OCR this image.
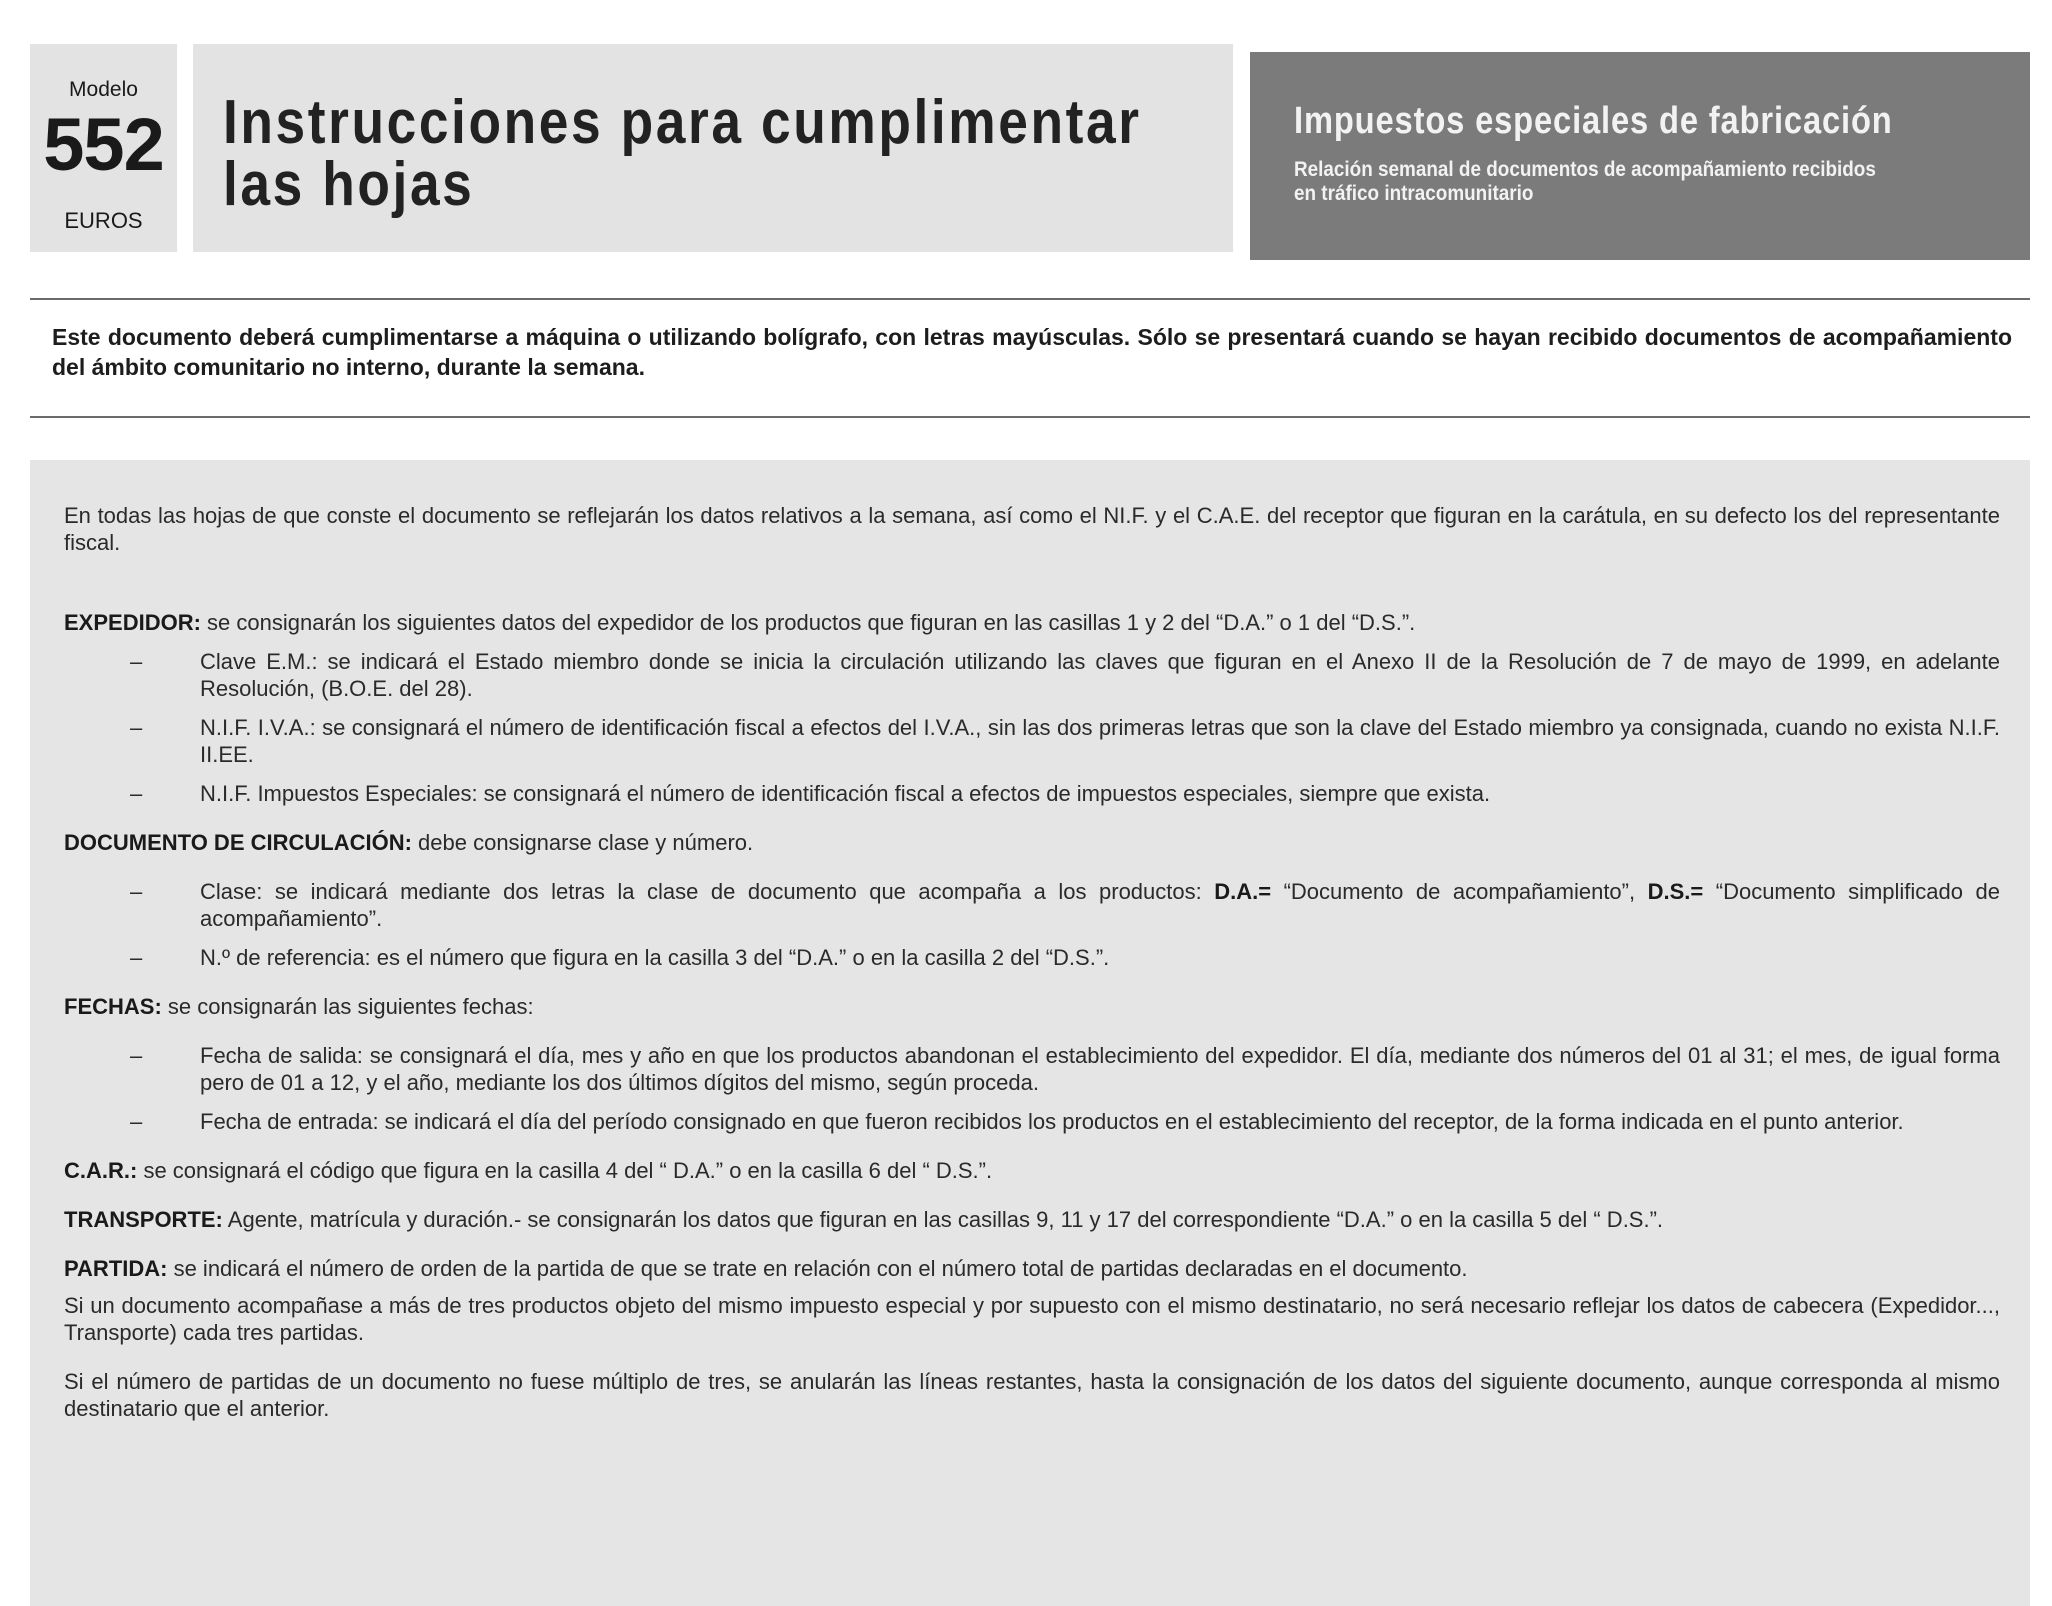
Modelo
552
EUROS
Instrucciones para cumplimentar
las hojas
Impuestos especiales de fabricación
Relación semanal de documentos de acompañamiento recibidos
en tráfico intracomunitario
Este documento deberá cumplimentarse a máquina o utilizando bolígrafo, con letras mayúsculas. Sólo se presentará cuando se hayan recibido documentos de acompañamiento del ámbito comunitario no interno, durante la semana.

En todas las hojas de que conste el documento se reflejarán los datos relativos a la semana, así como el NI.F. y el C.A.E. del receptor que figuran en la carátula, en su defecto los del representante fiscal.

EXPEDIDOR: se consignarán los siguientes datos del expedidor de los productos que figuran en las casillas 1 y 2 del “D.A.” o 1 del “D.S.”.

–	Clave E.M.: se indicará el Estado miembro donde se inicia la circulación utilizando las claves que figuran en el Anexo II de la Resolución de 7 de mayo de 1999, en adelante Resolución, (B.O.E. del 28).

–	N.I.F. I.V.A.: se consignará el número de identificación fiscal a efectos del I.V.A., sin las dos primeras letras que son la clave del Estado miembro ya consignada, cuando no exista N.I.F. II.EE.

–	N.I.F. Impuestos Especiales: se consignará el número de identificación fiscal a efectos de impuestos especiales, siempre que exista.

DOCUMENTO DE CIRCULACIÓN: debe consignarse clase y número.

–	Clase: se indicará mediante dos letras la clase de documento que acompaña a los productos: D.A.= “Documento de acompañamiento”, D.S.= “Documento simplificado de acompañamiento”.

–	N.º de referencia: es el número que figura en la casilla 3 del “D.A.” o en la casilla 2 del “D.S.”.

FECHAS: se consignarán las siguientes fechas:

–	Fecha de salida: se consignará el día, mes y año en que los productos abandonan el establecimiento del expedidor. El día, mediante dos números del 01 al 31; el mes, de igual forma pero de 01 a 12, y el año, mediante los dos últimos dígitos del mismo, según proceda.

–	Fecha de entrada: se indicará el día del período consignado en que fueron recibidos los productos en el establecimiento del receptor, de la forma indicada en el punto anterior.

C.A.R.: se consignará el código que figura en la casilla 4 del “ D.A.” o en la casilla 6 del “ D.S.”.

TRANSPORTE: Agente, matrícula y duración.- se consignarán los datos que figuran en las casillas 9, 11 y 17 del correspondiente “D.A.” o en la casilla 5 del “ D.S.”.

PARTIDA: se indicará el número de orden de la partida de que se trate en relación con el número total de partidas declaradas en el documento.

Si un documento acompañase a más de tres productos objeto del mismo impuesto especial y por supuesto con el mismo destinatario, no será necesario reflejar los datos de cabecera (Expedidor..., Transporte) cada tres partidas.

Si el número de partidas de un documento no fuese múltiplo de tres, se anularán las líneas restantes, hasta la consignación de los datos del siguiente documento, aunque corresponda al mismo destinatario que el anterior.
